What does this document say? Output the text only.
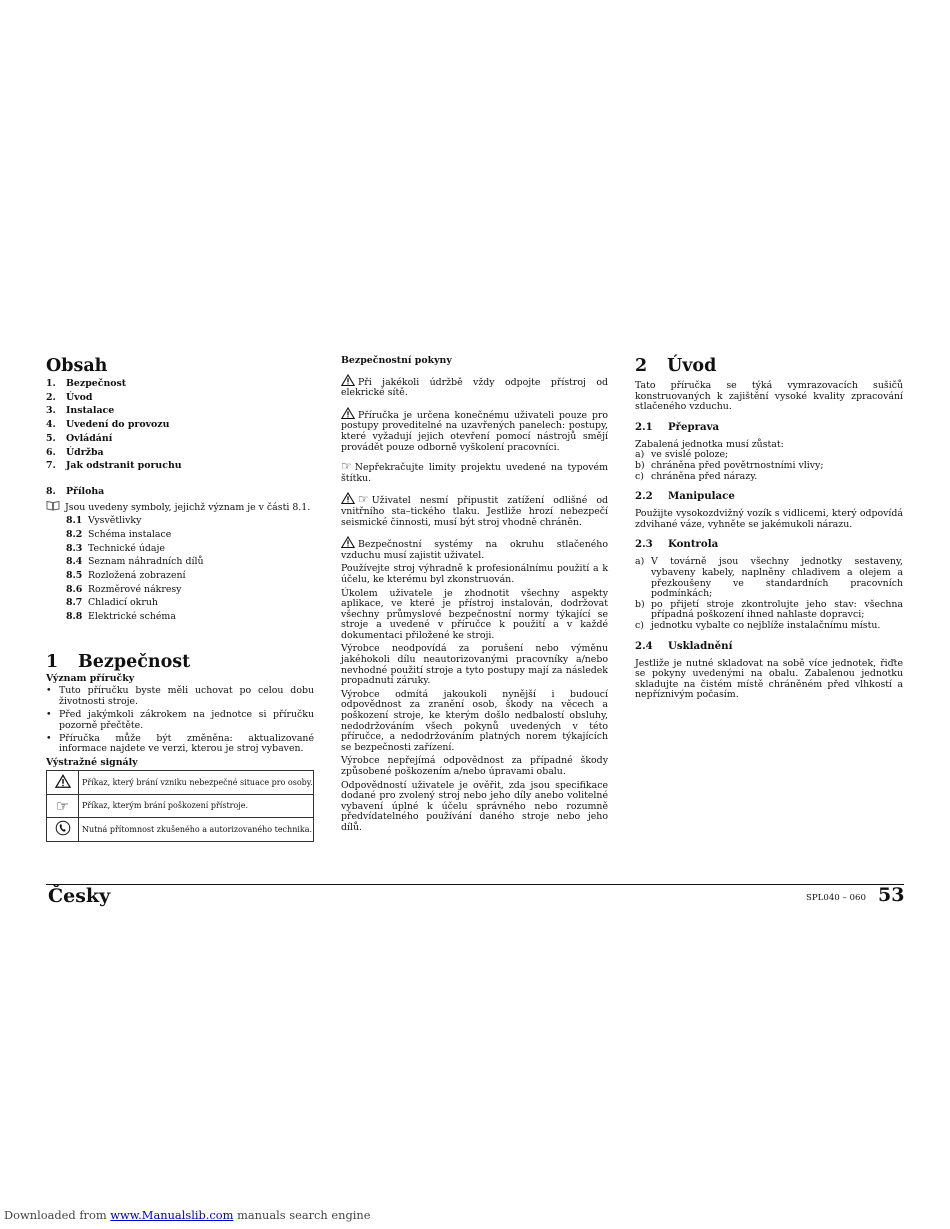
Obsah
1.	Bezpečnost
2.	Úvod
3.	Instalace
4.	Uvedení do provozu
5.	Ovládání
6.	Údržba
7.	Jak odstranit poruchu
8.	Příloha
Jsou uvedeny symboly, jejichž význam je v části 8.1.
8.1 Vysvětlivky
8.2 Schéma instalace
8.3 Technické údaje
8.4 Seznam náhradních dílů
8.5 Rozložená zobrazení
8.6 Rozměrové nákresy
8.7 Chladicí okruh
8.8 Elektrické schéma
1	Bezpečnost
Význam příručky
• Tuto příručku byste měli uchovat po celou dobu životnosti stroje.
• Před jakýmkoli zákrokem na jednotce si příručku pozorně přečtěte.
• Příručka může být změněna: aktualizované informace najdete ve verzi, kterou je stroj vybaven.
Výstražné signály
	Příkaz, který brání vzniku nebezpečné situace pro osoby.
☞	Příkaz, kterým brání poškození přístroje.
	Nutná přítomnost zkušeného a autorizovaného technika.
Bezpečnostní pokyny
Při jakékoli údržbě vždy odpojte přístroj od elekrické sítě.
Příručka je určena konečnému uživateli pouze pro postupy proveditelné na uzavřených panelech: postupy, které vyžadují jejich otevření pomocí nástrojů smějí provádět pouze odborně vyškolení pracovníci.
☞ Nepřekračujte limity projektu uvedené na typovém štítku.
☞ Uživatel nesmí připustit zatížení odlišné od vnitřního sta–tického tlaku. Jestliže hrozí nebezpečí seismické činnosti, musí být stroj vhodně chráněn.
Bezpečnostní systémy na okruhu stlačeného vzduchu musí zajistit uživatel.
Používejte stroj výhradně k profesionálnímu použití a k účelu, ke kterému byl zkonstruován.
Úkolem uživatele je zhodnotit všechny aspekty aplikace, ve které je přístroj instalován, dodržovat všechny průmyslové bezpečnostní normy týkající se stroje a uvedené v příručce k použití a v každé dokumentaci přiložené ke stroji.
Výrobce neodpovídá za porušení nebo výměnu jakéhokoli dílu neautorizovanými pracovníky a/nebo nevhodné použití stroje a tyto postupy mají za následek propadnutí záruky.
Výrobce odmítá jakoukoli nynější i budoucí odpovědnost za zranění osob, škody na věcech a poškození stroje, ke kterým došlo nedbalostí obsluhy, nedodržováním všech pokynů uvedených v této příručce, a nedodržováním platných norem týkajících se bezpečnosti zařízení.
Výrobce nepřejímá odpovědnost za případné škody způsobené poškozením a/nebo úpravami obalu.
Odpovědností uživatele je ověřit, zda jsou specifikace dodané pro zvolený stroj nebo jeho díly anebo volitelné vybavení úplné k účelu správného nebo rozumně předvídatelného používání daného stroje nebo jeho dílů.
2	Úvod
Tato příručka se týká vymrazovacích sušičů konstruovaných k zajištění vysoké kvality zpracování stlačeného vzduchu.
2.1	Přeprava
Zabalená jednotka musí zůstat:
a) ve svislé poloze;
b) chráněna před povětrnostními vlivy;
c) chráněna před nárazy.
2.2	Manipulace
Použijte vysokozdvižný vozík s vidlicemi, který odpovídá zdvihané váze, vyhněte se jakémukoli nárazu.
2.3	Kontrola
a) V továrně jsou všechny jednotky sestaveny, vybaveny kabely, naplněny chladivem a olejem a přezkoušeny ve standardních pracovních podmínkách;
b) po přijetí stroje zkontrolujte jeho stav: všechna případná poškození ihned nahlaste dopravci;
c) jednotku vybalte co nejblíže instalačnímu místu.
2.4	Uskladnění
Jestliže je nutné skladovat na sobě více jednotek, řiďte se pokyny uvedenými na obalu. Zabalenou jednotku skladujte na čistém místě chráněném před vlhkostí a nepříznivým počasím.
Česky	SPL040 – 060 53
Downloaded from www.Manualslib.com manuals search engine
